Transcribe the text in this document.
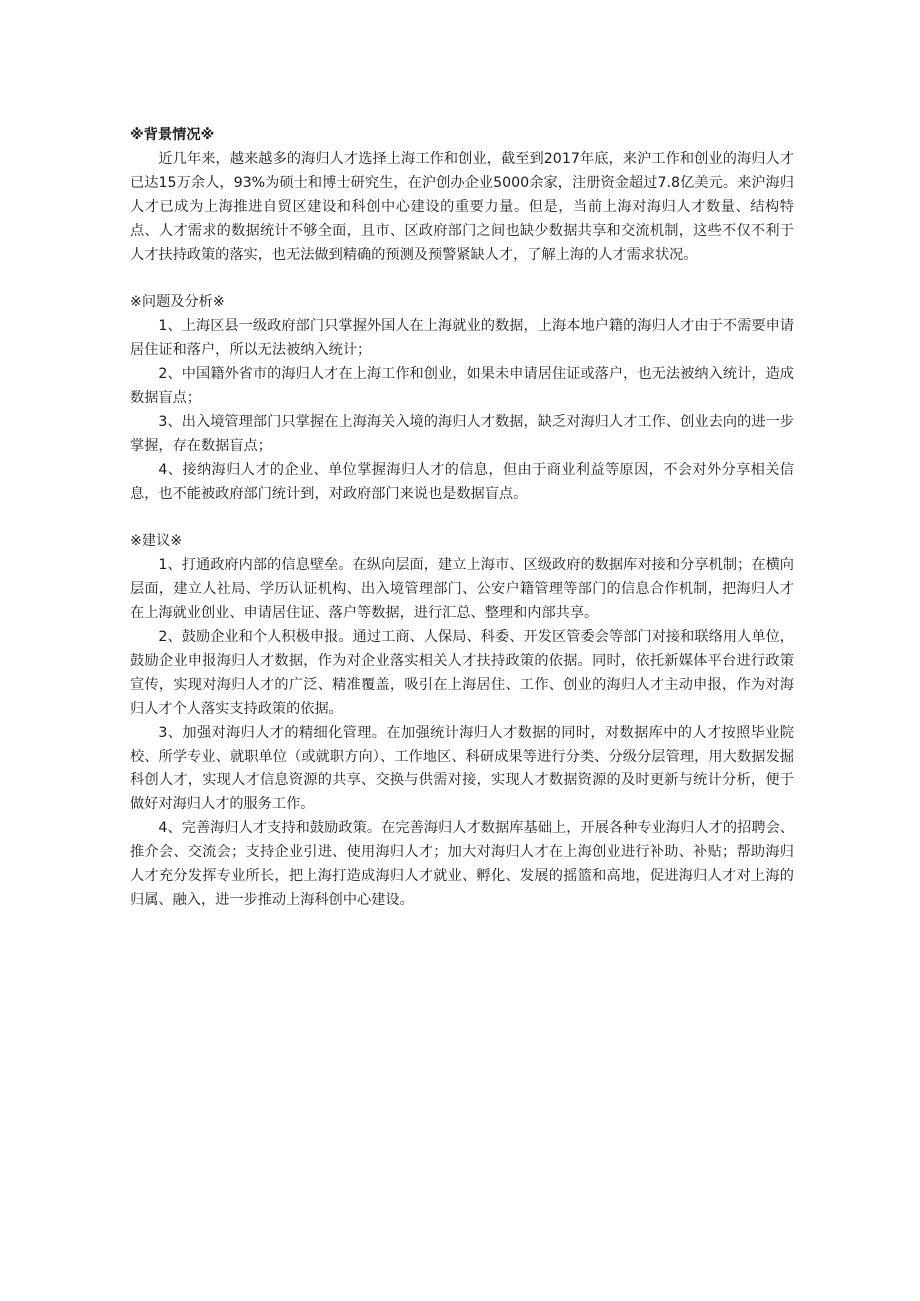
※背景情况※

近几年来，越来越多的海归人才选择上海工作和创业，截至到2017年底，来沪工作和创业的海归人才已达15万余人，93%为硕士和博士研究生，在沪创办企业5000余家，注册资金超过7.8亿美元。来沪海归人才已成为上海推进自贸区建设和科创中心建设的重要力量。但是，当前上海对海归人才数量、结构特点、人才需求的数据统计不够全面，且市、区政府部门之间也缺少数据共享和交流机制，这些不仅不利于人才扶持政策的落实，也无法做到精确的预测及预警紧缺人才，了解上海的人才需求状况。

※问题及分析※

1、上海区县一级政府部门只掌握外国人在上海就业的数据，上海本地户籍的海归人才由于不需要申请居住证和落户，所以无法被纳入统计；

2、中国籍外省市的海归人才在上海工作和创业，如果未申请居住证或落户，也无法被纳入统计，造成数据盲点；

3、出入境管理部门只掌握在上海海关入境的海归人才数据，缺乏对海归人才工作、创业去向的进一步掌握，存在数据盲点；

4、接纳海归人才的企业、单位掌握海归人才的信息，但由于商业利益等原因，不会对外分享相关信息，也不能被政府部门统计到，对政府部门来说也是数据盲点。

※建议※

1、打通政府内部的信息壁垒。在纵向层面，建立上海市、区级政府的数据库对接和分享机制；在横向层面，建立人社局、学历认证机构、出入境管理部门、公安户籍管理等部门的信息合作机制，把海归人才在上海就业创业、申请居住证、落户等数据，进行汇总、整理和内部共享。

2、鼓励企业和个人积极申报。通过工商、人保局、科委、开发区管委会等部门对接和联络用人单位，鼓励企业申报海归人才数据，作为对企业落实相关人才扶持政策的依据。同时，依托新媒体平台进行政策宣传，实现对海归人才的广泛、精准覆盖，吸引在上海居住、工作、创业的海归人才主动申报，作为对海归人才个人落实支持政策的依据。

3、加强对海归人才的精细化管理。在加强统计海归人才数据的同时，对数据库中的人才按照毕业院校、所学专业、就职单位（或就职方向）、工作地区、科研成果等进行分类、分级分层管理，用大数据发掘科创人才，实现人才信息资源的共享、交换与供需对接，实现人才数据资源的及时更新与统计分析，便于做好对海归人才的服务工作。

4、完善海归人才支持和鼓励政策。在完善海归人才数据库基础上，开展各种专业海归人才的招聘会、推介会、交流会；支持企业引进、使用海归人才；加大对海归人才在上海创业进行补助、补贴；帮助海归人才充分发挥专业所长，把上海打造成海归人才就业、孵化、发展的摇篮和高地，促进海归人才对上海的归属、融入，进一步推动上海科创中心建设。
